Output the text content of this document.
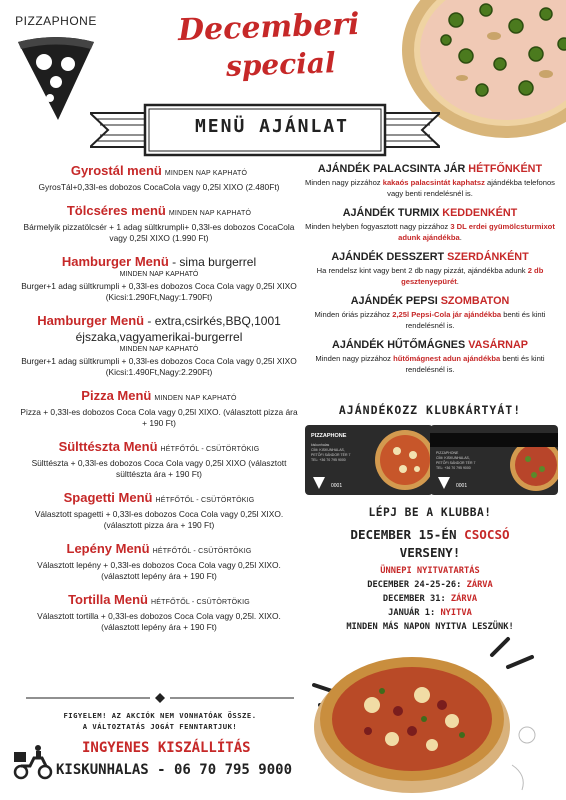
PIZZAPHONE	Decemberi
special
MENÜ AJÁNLAT
Gyrostál menü MINDEN NAP KAPHATÓ
GyrosTál+0,33l-es dobozos CocaCola vagy 0,25l XIXO (2.480Ft)
Tölcséres menü MINDEN NAP KAPHATÓ
Bármelyik pizzatölcsér + 1 adag sültkrumpli+ 0,33l-es dobozos CocaCola vagy 0,25l XIXO (1.990 Ft)
Hamburger Menü - sima burgerrel
MINDEN NAP KAPHATÓ
Burger+1 adag sültkrumpli + 0,33l-es dobozos Coca Cola vagy 0,25l XIXO (Kicsi:1.290Ft,Nagy:1.790Ft)
Hamburger Menü - extra,csirkés,BBQ,1001 éjszaka,vagyamerikai-burgerrel
MINDEN NAP KAPHATÓ
Burger+1 adag sültkrumpli + 0,33l-es dobozos Coca Cola vagy 0,25l XIXO (Kicsi:1.490Ft,Nagy:2.290Ft)
Pizza Menü MINDEN NAP KAPHATÓ
Pizza + 0,33l-es dobozos Coca Cola vagy 0,25l XIXO. (választott pizza ára + 190 Ft)
Sülttészta Menü HÉTFŐTŐL - CSÜTÖRTÖKIG
Sülttészta + 0,33l-es dobozos Coca Cola vagy 0,25l XIXO (választott sülttészta ára + 190 Ft)
Spagetti Menü HÉTFŐTŐL - CSÜTÖRTÖKIG
Választott spagetti + 0,33l-es dobozos Coca Cola vagy 0,25l XIXO. (választott pizza ára + 190 Ft)
Lepény Menü HÉTFŐTŐL - CSÜTÖRTÖKIG
Választott lepény + 0,33l-es dobozos Coca Cola vagy 0,25l XIXO. (választott lepény ára + 190 Ft)
Tortilla Menü HÉTFŐTŐL - CSÜTÖRTÖKIG
Választott tortilla + 0,33l-es dobozos Coca Cola vagy 0,25l. XIXO. (választott lepény ára + 190 Ft)
FIGYELEM! AZ AKCIÓK NEM VONHATÓAK ÖSSZE.
A VÁLTOZTATÁS JOGÁT FENNTARTJUK!
INGYENES KISZÁLLÍTÁS
KISKUNHALAS - 06 70 795 9000
AJÁNDÉK PALACSINTA JÁR HÉTFŐNKÉNT
Minden nagy pizzához kakaós palacsintát kaphatsz ajándékba telefonos vagy benti rendelésnél is.
AJÁNDÉK TURMIX KEDDENKÉNT
Minden helyben fogyasztott nagy pizzához 3 DL erdei gyümölcsturmixot adunk ajándékba.
AJÁNDÉK DESSZERT SZERDÁNKÉNT
Ha rendelsz kint vagy bent 2 db nagy pizzát, ajándékba adunk 2 db gesztenyepürét.
AJÁNDÉK PEPSI SZOMBATON
Minden óriás pizzához 2,25l Pepsi-Cola jár ajándékba benti és kinti rendelésnél is.
AJÁNDÉK HŰTŐMÁGNES VASÁRNAP
Minden nagy pizzához hűtőmágnest adun ajándékba benti és kinti rendelésnél is.
AJÁNDÉKOZZ KLUBKÁRTYÁT!
PIZZAPHONE
kiskunhalas
CÍM: KISKUNHALAS,
PETŐFI SÁNDOR TÉR 7
TEL: +36 70 795 9000
0001
PIZZAPHONE
CÍM: KISKUNHALAS,
PETŐFI SÁNDOR TÉR 7
TEL: +36 70 795 9000
0001
LÉPJ BE A KLUBBA!
DECEMBER 15-ÉN CSOCSÓ
VERSENY!
ÜNNEPI NYITVATARTÁS
DECEMBER 24-25-26: ZÁRVA
DECEMBER 31: ZÁRVA
JANUÁR 1: NYITVA
MINDEN MÁS NAPON NYITVA LESZÜNK!
